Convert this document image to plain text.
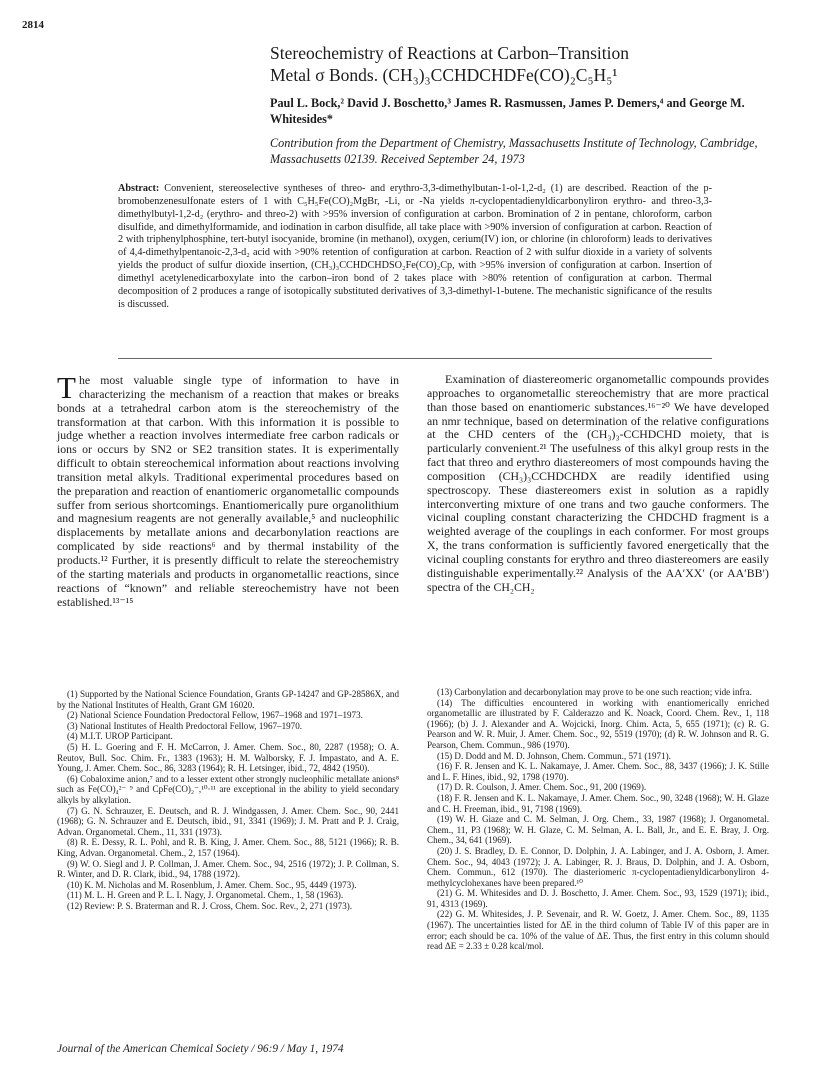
2814
Stereochemistry of Reactions at Carbon–Transition
Metal σ Bonds. (CH₃)₃CCHDCHDFe(CO)₂C₅H₅¹
Paul L. Bock,² David J. Boschetto,³ James R. Rasmussen, James P. Demers,⁴ and George M. Whitesides*
Contribution from the Department of Chemistry, Massachusetts Institute of Technology, Cambridge, Massachusetts 02139. Received September 24, 1973
Abstract: Convenient, stereoselective syntheses of threo- and erythro-3,3-dimethylbutan-1-ol-1,2-d₂ (1) are described. Reaction of the p-bromobenzenesulfonate esters of 1 with C₅H₅Fe(CO)₂MgBr, -Li, or -Na yields π-cyclopentadienyldicarbonyliron erythro- and threo-3,3-dimethylbutyl-1,2-d₂ (erythro- and threo-2) with >95% inversion of configuration at carbon. Bromination of 2 in pentane, chloroform, carbon disulfide, and dimethylformamide, and iodination in carbon disulfide, all take place with >90% inversion of configuration at carbon. Reaction of 2 with triphenylphosphine, tert-butyl isocyanide, bromine (in methanol), oxygen, cerium(IV) ion, or chlorine (in chloroform) leads to derivatives of 4,4-dimethylpentanoic-2,3-d₂ acid with >90% retention of configuration at carbon. Reaction of 2 with sulfur dioxide in a variety of solvents yields the product of sulfur dioxide insertion, (CH₃)₃CCHDCHDSO₂Fe(CO)₂Cp, with >95% inversion of configuration at carbon. Insertion of dimethyl acetylenedicarboxylate into the carbon–iron bond of 2 takes place with >80% retention of configuration at carbon. Thermal decomposition of 2 produces a range of isotopically substituted derivatives of 3,3-dimethyl-1-butene. The mechanistic significance of the results is discussed.

The most valuable single type of information to have in characterizing the mechanism of a reaction that makes or breaks bonds at a tetrahedral carbon atom is the stereochemistry of the transformation at that carbon. With this information it is possible to judge whether a reaction involves intermediate free carbon radicals or ions or occurs by SN2 or SE2 transition states. It is experimentally difficult to obtain stereochemical information about reactions involving transition metal alkyls. Traditional experimental procedures based on the preparation and reaction of enantiomeric organometallic compounds suffer from serious shortcomings. Enantiomerically pure organolithium and magnesium reagents are not generally available,⁵ and nucleophilic displacements by metallate anions and decarbonylation reactions are complicated by side reactions⁶ and by thermal instability of the products.¹² Further, it is presently difficult to relate the stereochemistry of the starting materials and products in organometallic reactions, since reactions of “known” and reliable stereochemistry have not been established.¹³⁻¹⁵

Examination of diastereomeric organometallic compounds provides approaches to organometallic stereochemistry that are more practical than those based on enantiomeric substances.¹⁶⁻²⁰ We have developed an nmr technique, based on determination of the relative configurations at the CHD centers of the (CH₃)₃-CCHDCHD moiety, that is particularly convenient.²¹ The usefulness of this alkyl group rests in the fact that threo and erythro diastereomers of most compounds having the composition (CH₃)₃CCHDCHDX are readily identified using spectroscopy. These diastereomers exist in solution as a rapidly interconverting mixture of one trans and two gauche conformers. The vicinal coupling constant characterizing the CHDCHD fragment is a weighted average of the couplings in each conformer. For most groups X, the trans conformation is sufficiently favored energetically that the vicinal coupling constants for erythro and threo diastereomers are easily distinguishable experimentally.²² Analysis of the AA′XX′ (or AA′BB′) spectra of the CH₂CH₂

(1) Supported by the National Science Foundation, Grants GP-14247 and GP-28586X, and by the National Institutes of Health, Grant GM 16020.
(2) National Science Foundation Predoctoral Fellow, 1967–1968 and 1971–1973.
(3) National Institutes of Health Predoctoral Fellow, 1967–1970.
(4) M.I.T. UROP Participant.
(5) H. L. Goering and F. H. McCarron, J. Amer. Chem. Soc., 80, 2287 (1958); O. A. Reutov, Bull. Soc. Chim. Fr., 1383 (1963); H. M. Walborsky, F. J. Impastato, and A. E. Young, J. Amer. Chem. Soc., 86, 3283 (1964); R. H. Letsinger, ibid., 72, 4842 (1950).
(6) Cobaloxime anion,⁷ and to a lesser extent other strongly nucleophilic metallate anions⁸ such as Fe(CO)₄²⁻ ⁹ and CpFe(CO)₂⁻,¹⁰·¹¹ are exceptional in the ability to yield secondary alkyls by alkylation.
(7) G. N. Schrauzer, E. Deutsch, and R. J. Windgassen, J. Amer. Chem. Soc., 90, 2441 (1968); G. N. Schrauzer and E. Deutsch, ibid., 91, 3341 (1969); J. M. Pratt and P. J. Craig, Advan. Organometal. Chem., 11, 331 (1973).
(8) R. E. Dessy, R. L. Pohl, and R. B. King, J. Amer. Chem. Soc., 88, 5121 (1966); R. B. King, Advan. Organometal. Chem., 2, 157 (1964).
(9) W. O. Siegl and J. P. Collman, J. Amer. Chem. Soc., 94, 2516 (1972); J. P. Collman, S. R. Winter, and D. R. Clark, ibid., 94, 1788 (1972).
(10) K. M. Nicholas and M. Rosenblum, J. Amer. Chem. Soc., 95, 4449 (1973).
(11) M. L. H. Green and P. L. I. Nagy, J. Organometal. Chem., 1, 58 (1963).
(12) Review: P. S. Braterman and R. J. Cross, Chem. Soc. Rev., 2, 271 (1973).
(13) Carbonylation and decarbonylation may prove to be one such reaction; vide infra.
(14) The difficulties encountered in working with enantiomerically enriched organometallic are illustrated by F. Calderazzo and K. Noack, Coord. Chem. Rev., 1, 118 (1966); (b) J. J. Alexander and A. Wojcicki, Inorg. Chim. Acta, 5, 655 (1971); (c) R. G. Pearson and W. R. Muir, J. Amer. Chem. Soc., 92, 5519 (1970); (d) R. W. Johnson and R. G. Pearson, Chem. Commun., 986 (1970).
(15) D. Dodd and M. D. Johnson, Chem. Commun., 571 (1971).
(16) F. R. Jensen and K. L. Nakamaye, J. Amer. Chem. Soc., 88, 3437 (1966); J. K. Stille and L. F. Hines, ibid., 92, 1798 (1970).
(17) D. R. Coulson, J. Amer. Chem. Soc., 91, 200 (1969).
(18) F. R. Jensen and K. L. Nakamaye, J. Amer. Chem. Soc., 90, 3248 (1968); W. H. Glaze and C. H. Freeman, ibid., 91, 7198 (1969).
(19) W. H. Giaze and C. M. Selman, J. Org. Chem., 33, 1987 (1968); J. Organometal. Chem., 11, P3 (1968); W. H. Glaze, C. M. Selman, A. L. Ball, Jr., and E. E. Bray, J. Org. Chem., 34, 641 (1969).
(20) J. S. Bradley, D. E. Connor, D. Dolphin, J. A. Labinger, and J. A. Osborn, J. Amer. Chem. Soc., 94, 4043 (1972); J. A. Labinger, R. J. Braus, D. Dolphin, and J. A. Osborn, Chem. Commun., 612 (1970). The diasteriomeric π-cyclopentadienyldicarbonyliron 4-methylcyclohexanes have been prepared.¹⁰
(21) G. M. Whitesides and D. J. Boschetto, J. Amer. Chem. Soc., 93, 1529 (1971); ibid., 91, 4313 (1969).
(22) G. M. Whitesides, J. P. Sevenair, and R. W. Goetz, J. Amer. Chem. Soc., 89, 1135 (1967). The uncertainties listed for ΔE in the third column of Table IV of this paper are in error; each should be ca. 10% of the value of ΔE. Thus, the first entry in this column should read ΔE = 2.33 ± 0.28 kcal/mol.
Journal of the American Chemical Society / 96:9 / May 1, 1974
